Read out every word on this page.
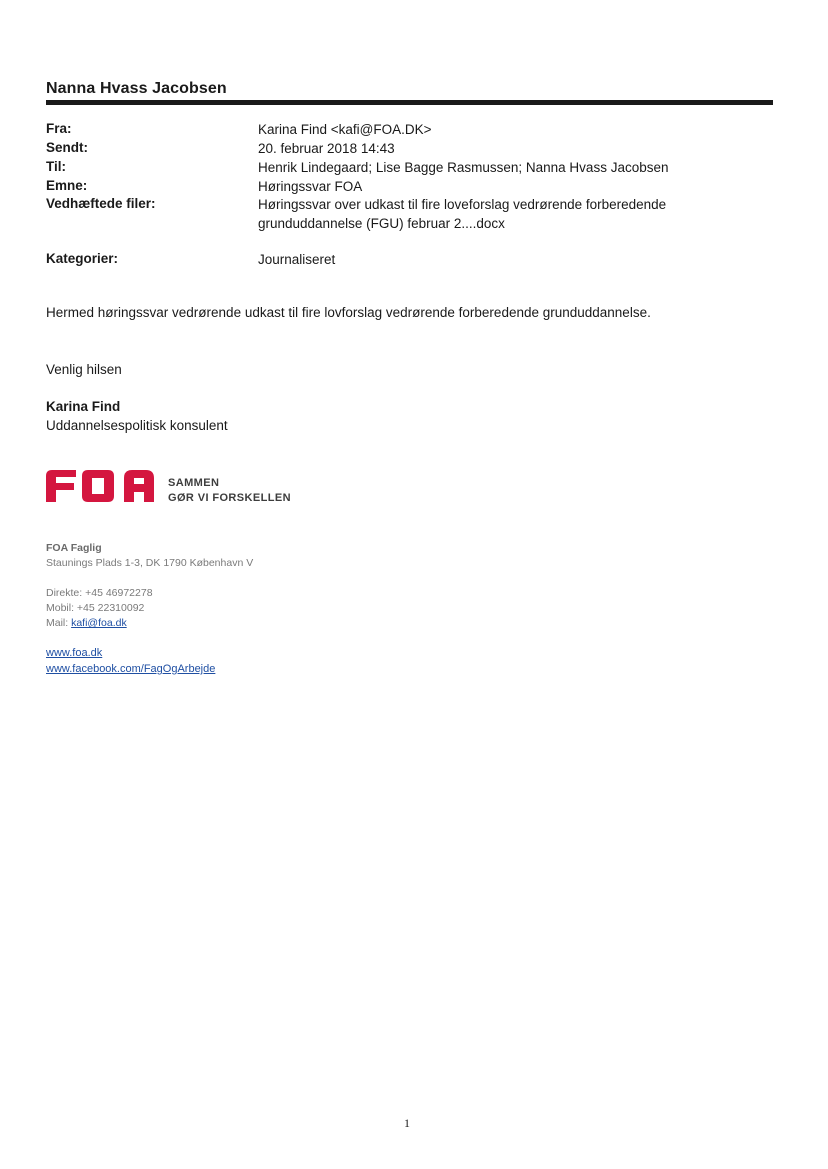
Nanna Hvass Jacobsen
Fra:	Karina Find <kafi@FOA.DK>
Sendt:	20. februar 2018 14:43
Til:	Henrik Lindegaard; Lise Bagge Rasmussen; Nanna Hvass Jacobsen
Emne:	Høringssvar FOA
Vedhæftede filer:	Høringssvar over udkast til fire loveforslag vedrørende forberedende grunduddannelse (FGU) februar 2....docx
Kategorier:	Journaliseret
Hermed høringssvar vedrørende udkast til fire lovforslag vedrørende forberedende grunduddannelse.
Venlig hilsen
Karina Find
Uddannelsespolitisk konsulent
SAMMEN
GØR VI FORSKELLEN
FOA Faglig
Staunings Plads 1-3, DK 1790 København V
Direkte: +45 46972278
Mobil: +45 22310092
Mail: kafi@foa.dk
www.foa.dk
www.facebook.com/FagOgArbejde
1
